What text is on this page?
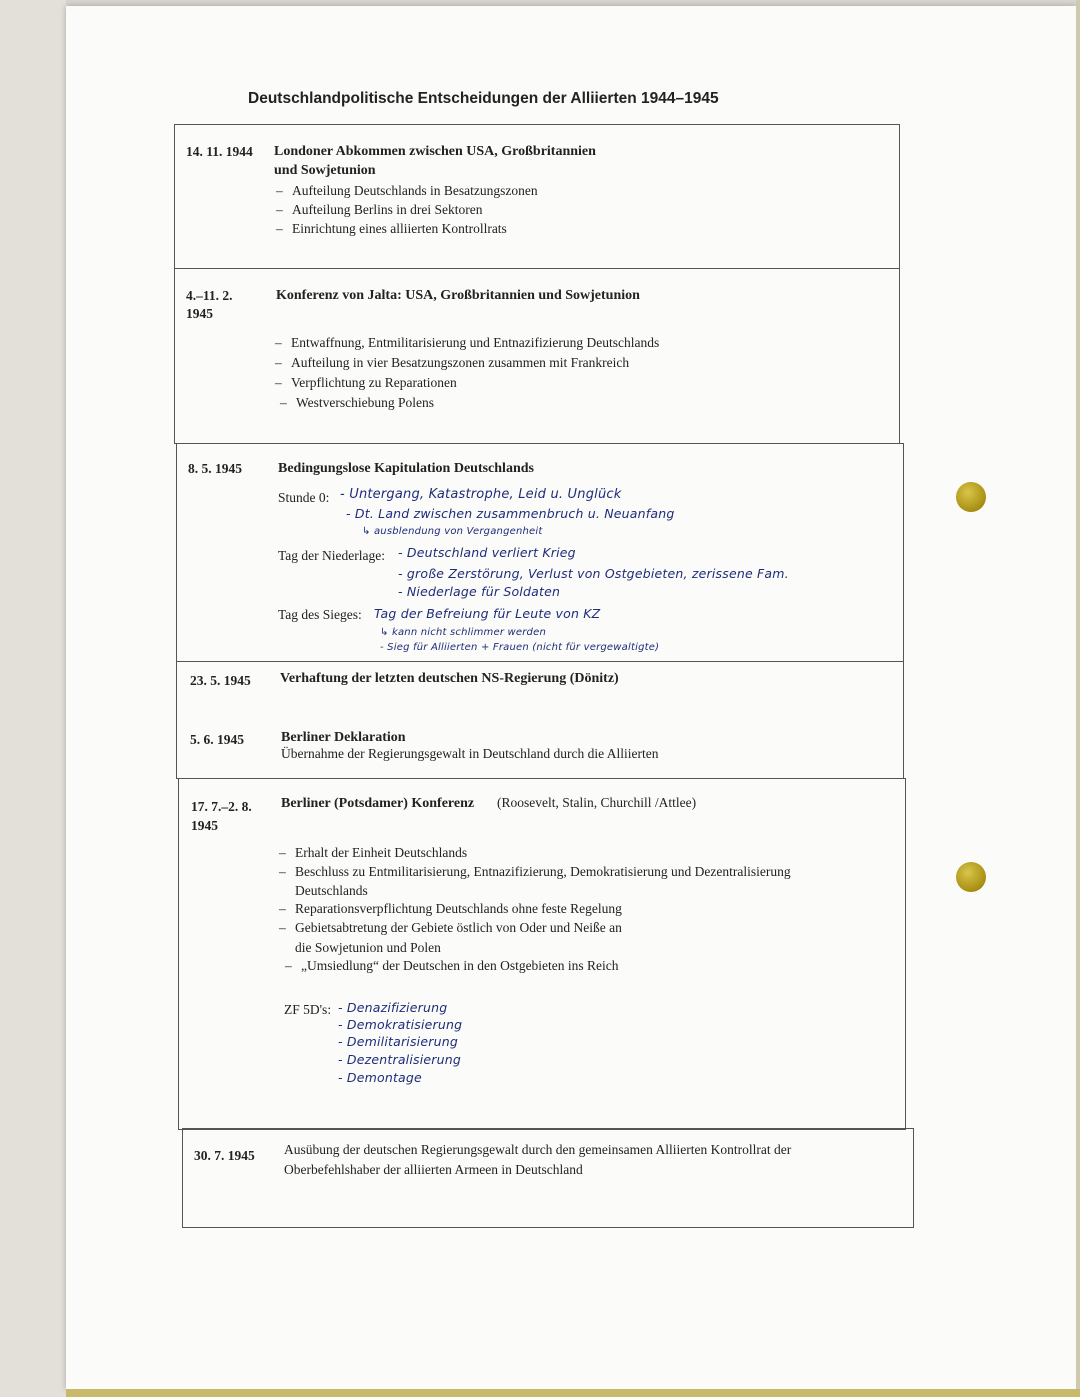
Deutschlandpolitische Entscheidungen der Alliierten 1944–1945
14. 11. 1944 Londoner Abkommen zwischen USA, Großbritannien
und Sowjetunion
– Aufteilung Deutschlands in Besatzungszonen
– Aufteilung Berlins in drei Sektoren
– Einrichtung eines alliierten Kontrollrats
4.–11. 2.
1945
Konferenz von Jalta: USA, Großbritannien und Sowjetunion
– Entwaffnung, Entmilitarisierung und Entnazifizierung Deutschlands
– Aufteilung in vier Besatzungszonen zusammen mit Frankreich
– Verpflichtung zu Reparationen
– Westverschiebung Polens
8. 5. 1945	Bedingungslose Kapitulation Deutschlands
Stunde 0: - Untergang, Katastrophe, Leid u. Unglück
- Dt. Land zwischen zusammenbruch u. Neuanfang
↳ ausblendung von Vergangenheit
Tag der Niederlage: - Deutschland verliert Krieg
- große Zerstörung, Verlust von Ostgebieten, zerissene Fam.
- Niederlage für Soldaten
Tag des Sieges: Tag der Befreiung für Leute von KZ
↳ kann nicht schlimmer werden
- Sieg für Alliierten + Frauen (nicht für vergewaltigte)
23. 5. 1945 Verhaftung der letzten deutschen NS-Regierung (Dönitz)
5. 6. 1945	Berliner Deklaration
Übernahme der Regierungsgewalt in Deutschland durch die Alliierten
17. 7.–2. 8.
1945
Berliner (Potsdamer) Konferenz (Roosevelt, Stalin, Churchill /Attlee)
– Erhalt der Einheit Deutschlands
– Beschluss zu Entmilitarisierung, Entnazifizierung, Demokratisierung und Dezentralisierung
Deutschlands
– Reparationsverpflichtung Deutschlands ohne feste Regelung
– Gebietsabtretung der Gebiete östlich von Oder und Neiße an
die Sowjetunion und Polen
– „Umsiedlung“ der Deutschen in den Ostgebieten ins Reich
ZF 5D's: - Denazifizierung
- Demokratisierung
- Demilitarisierung
- Dezentralisierung
- Demontage
30. 7. 1945 Ausübung der deutschen Regierungsgewalt durch den gemeinsamen Alliierten Kontrollrat der
Oberbefehlshaber der alliierten Armeen in Deutschland
